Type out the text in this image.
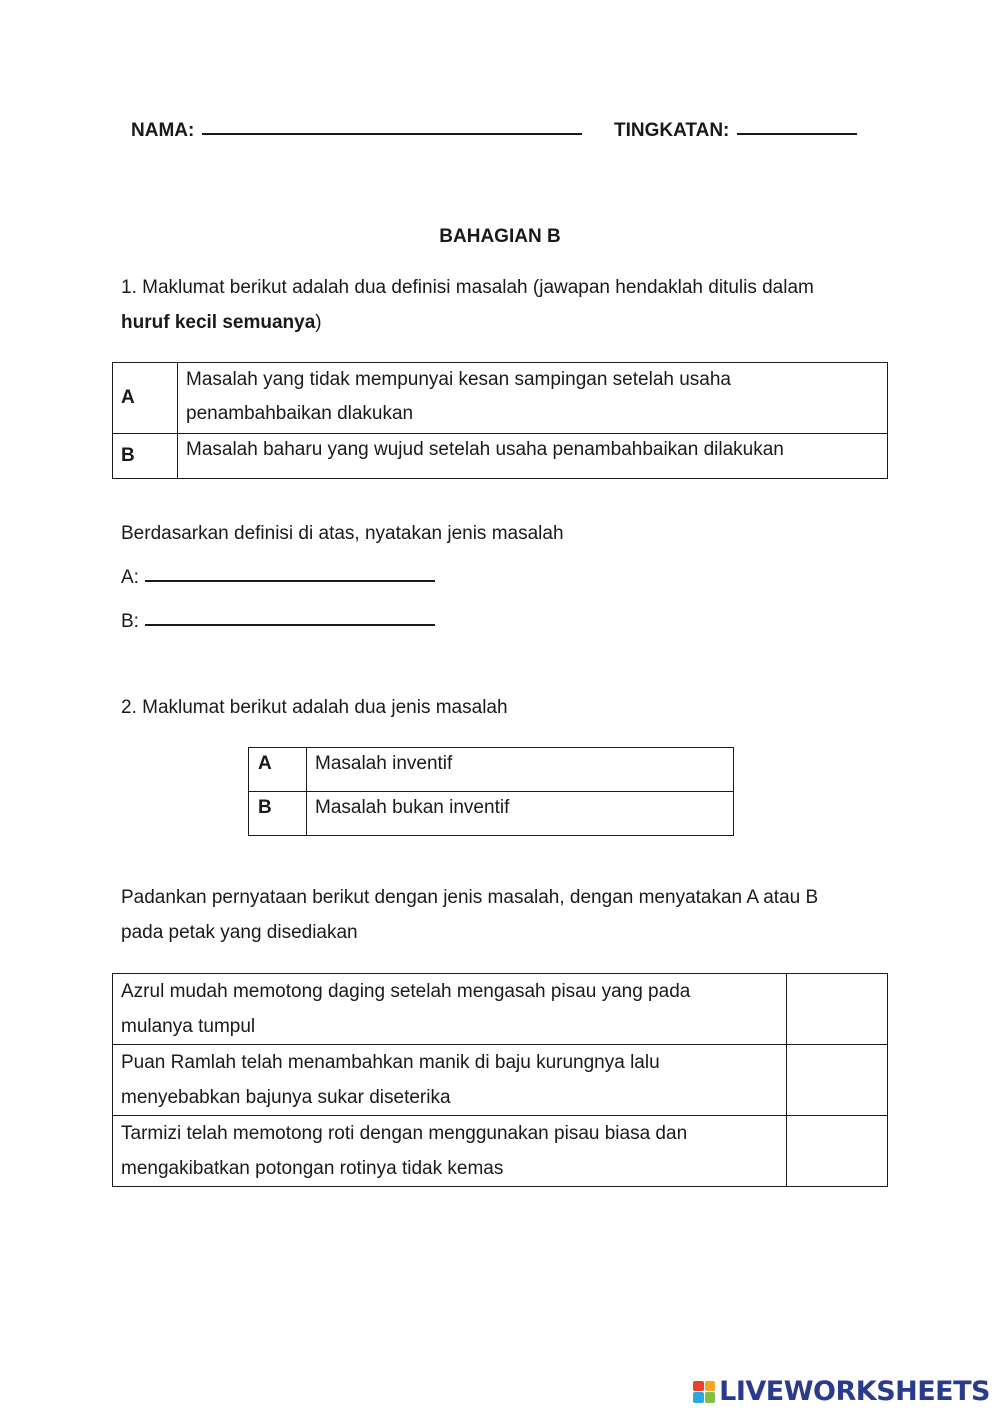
NAMA:	TINGKATAN:
BAHAGIAN B
1. Maklumat berikut adalah dua definisi masalah (jawapan hendaklah ditulis dalam
huruf kecil semuanya)
A	Masalah yang tidak mempunyai kesan sampingan setelah usaha
penambahbaikan dlakukan
B	Masalah baharu yang wujud setelah usaha penambahbaikan dilakukan
Berdasarkan definisi di atas, nyatakan jenis masalah
A:
B:
2. Maklumat berikut adalah dua jenis masalah
A	Masalah inventif
B	Masalah bukan inventif
Padankan pernyataan berikut dengan jenis masalah, dengan menyatakan A atau B
pada petak yang disediakan
Azrul mudah memotong daging setelah mengasah pisau yang pada
mulanya tumpul	
Puan Ramlah telah menambahkan manik di baju kurungnya lalu
menyebabkan bajunya sukar diseterika	
Tarmizi telah memotong roti dengan menggunakan pisau biasa dan
mengakibatkan potongan rotinya tidak kemas	
LIVEWORKSHEETS
